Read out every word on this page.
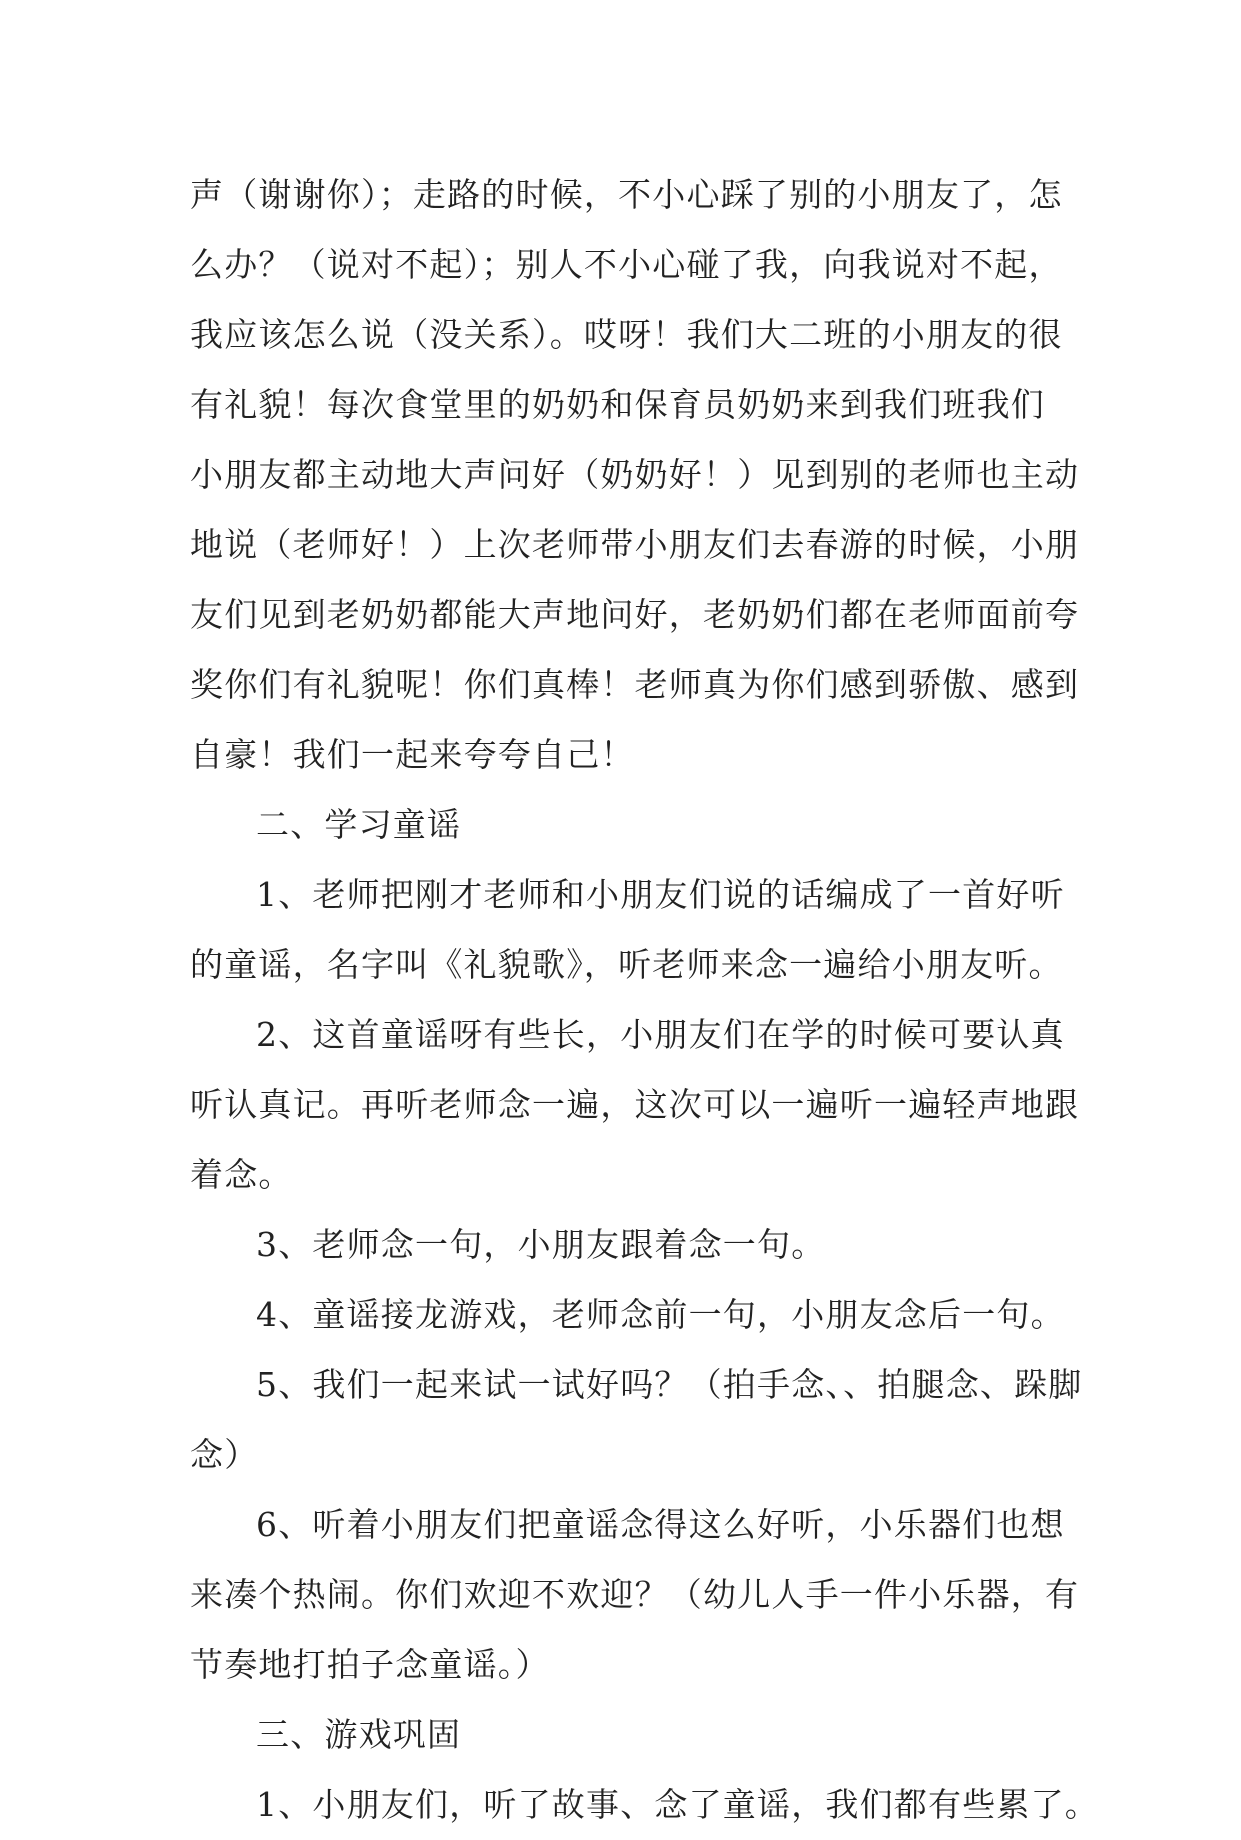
声（谢谢你）；走路的时候，不小心踩了别的小朋友了，怎
么办？（说对不起）；别人不小心碰了我，向我说对不起，
我应该怎么说（没关系）。哎呀！我们大二班的小朋友的很
有礼貌！每次食堂里的奶奶和保育员奶奶来到我们班我们
小朋友都主动地大声问好（奶奶好！）见到别的老师也主动
地说（老师好！）上次老师带小朋友们去春游的时候，小朋
友们见到老奶奶都能大声地问好，老奶奶们都在老师面前夸
奖你们有礼貌呢！你们真棒！老师真为你们感到骄傲、感到
自豪！我们一起来夸夸自己！
二、学习童谣
1、老师把刚才老师和小朋友们说的话编成了一首好听
的童谣，名字叫《礼貌歌》，听老师来念一遍给小朋友听。
2、这首童谣呀有些长，小朋友们在学的时候可要认真
听认真记。再听老师念一遍，这次可以一遍听一遍轻声地跟
着念。
3、老师念一句，小朋友跟着念一句。
4、童谣接龙游戏，老师念前一句，小朋友念后一句。
5、我们一起来试一试好吗？（拍手念、、拍腿念、跺脚
念）
6、听着小朋友们把童谣念得这么好听，小乐器们也想
来凑个热闹。你们欢迎不欢迎？（幼儿人手一件小乐器，有
节奏地打拍子念童谣。）
三、游戏巩固
1、小朋友们，听了故事、念了童谣，我们都有些累了。
